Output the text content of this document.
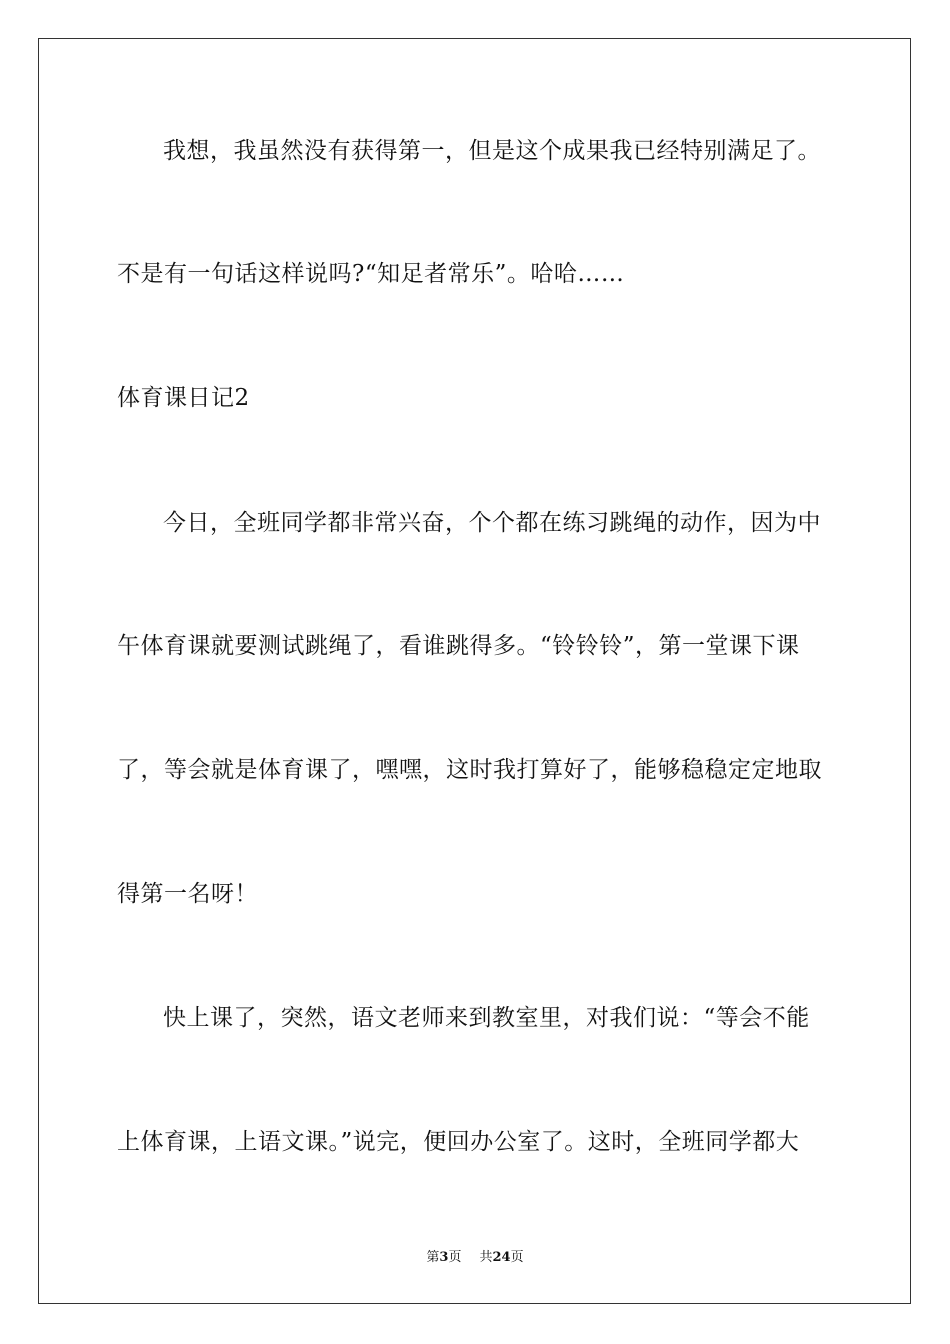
我想，我虽然没有获得第一，但是这个成果我已经特别满足了。
不是有一句话这样说吗?“知足者常乐”。哈哈……
体育课日记2
今日，全班同学都非常兴奋，个个都在练习跳绳的动作，因为中
午体育课就要测试跳绳了，看谁跳得多。“铃铃铃”，第一堂课下课
了，等会就是体育课了，嘿嘿，这时我打算好了，能够稳稳定定地取
得第一名呀！
快上课了，突然，语文老师来到教室里，对我们说：“等会不能
上体育课，上语文课。”说完，便回办公室了。这时，全班同学都大
第3页 共24页
